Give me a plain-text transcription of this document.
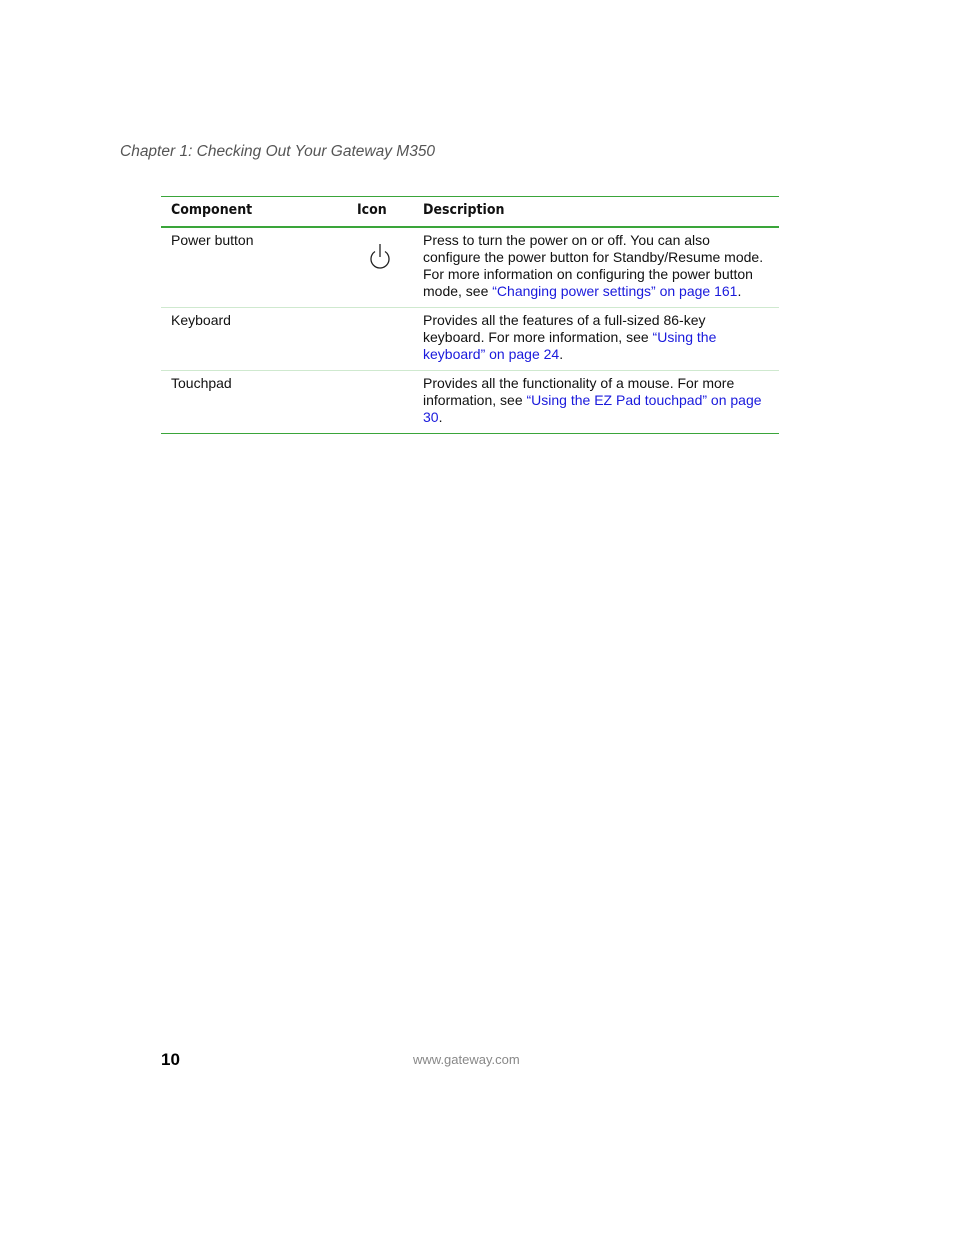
Chapter 1: Checking Out Your Gateway M350
Component	Icon	Description
Power button		Press to turn the power on or off. You can also configure the power button for Standby/Resume mode. For more information on configuring the power button mode, see “Changing power settings” on page 161.
Keyboard		Provides all the features of a full-sized 86-key keyboard. For more information, see “Using the keyboard” on page 24.
Touchpad		Provides all the functionality of a mouse. For more information, see “Using the EZ Pad touchpad” on page 30.
10	www.gateway.com
